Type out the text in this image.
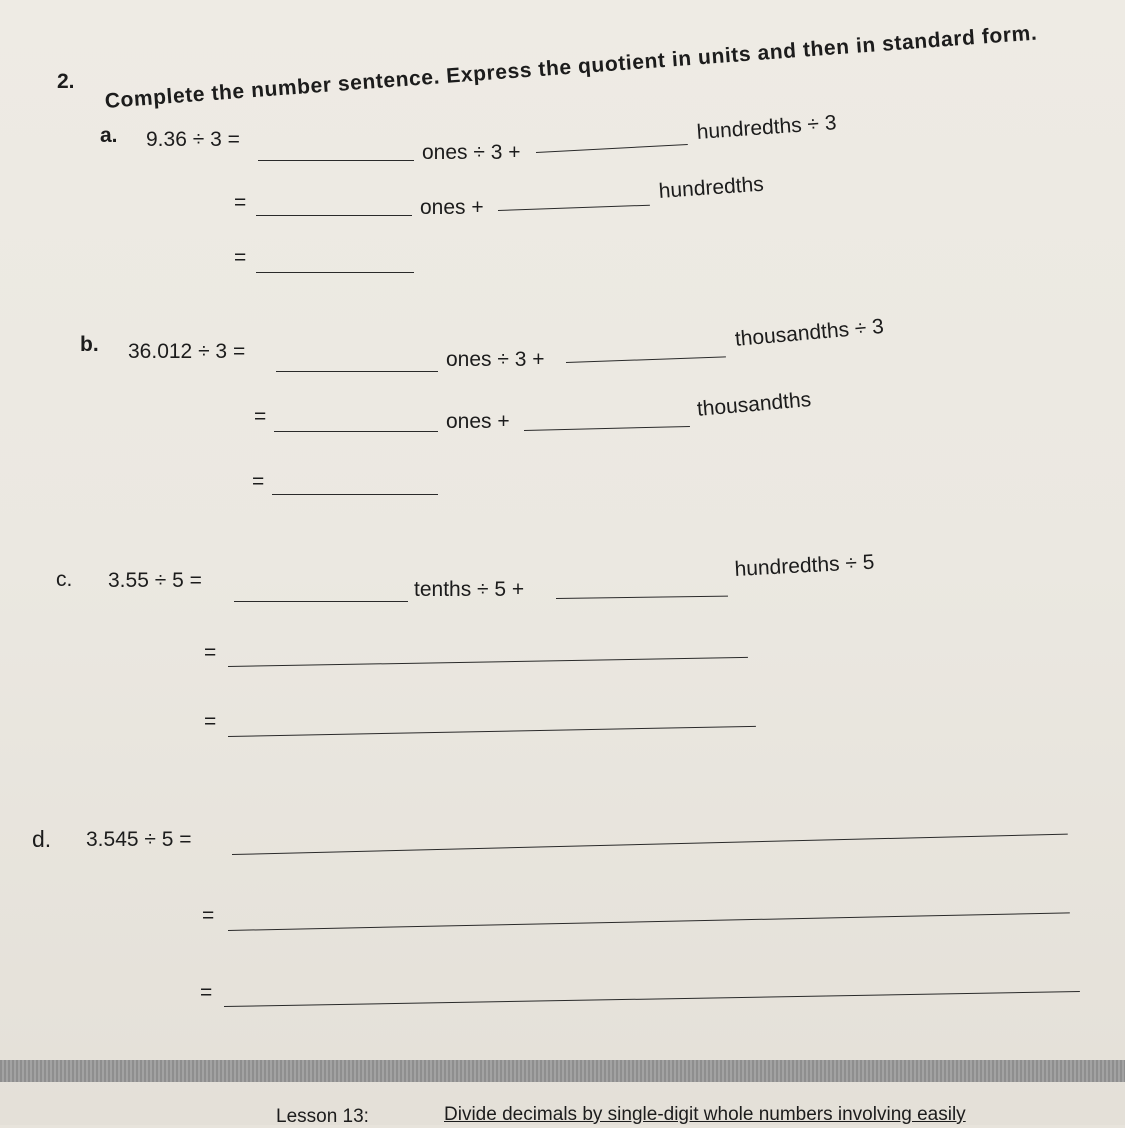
2. Complete the number sentence. Express the quotient in units and then in standard form.
a. 9.36 ÷ 3 =
ones ÷ 3 +
hundredths ÷ 3
=	ones +
hundredths
=
b. 36.012 ÷ 3 =	ones ÷ 3 +
thousandths ÷ 3
=	ones +
thousandths
=
c. 3.55 ÷ 5 =	tenths ÷ 5 +
hundredths ÷ 5
=
=
d. 3.545 ÷ 5 =
=
=
Lesson 13:	Divide decimals by single-digit whole numbers involving easily
